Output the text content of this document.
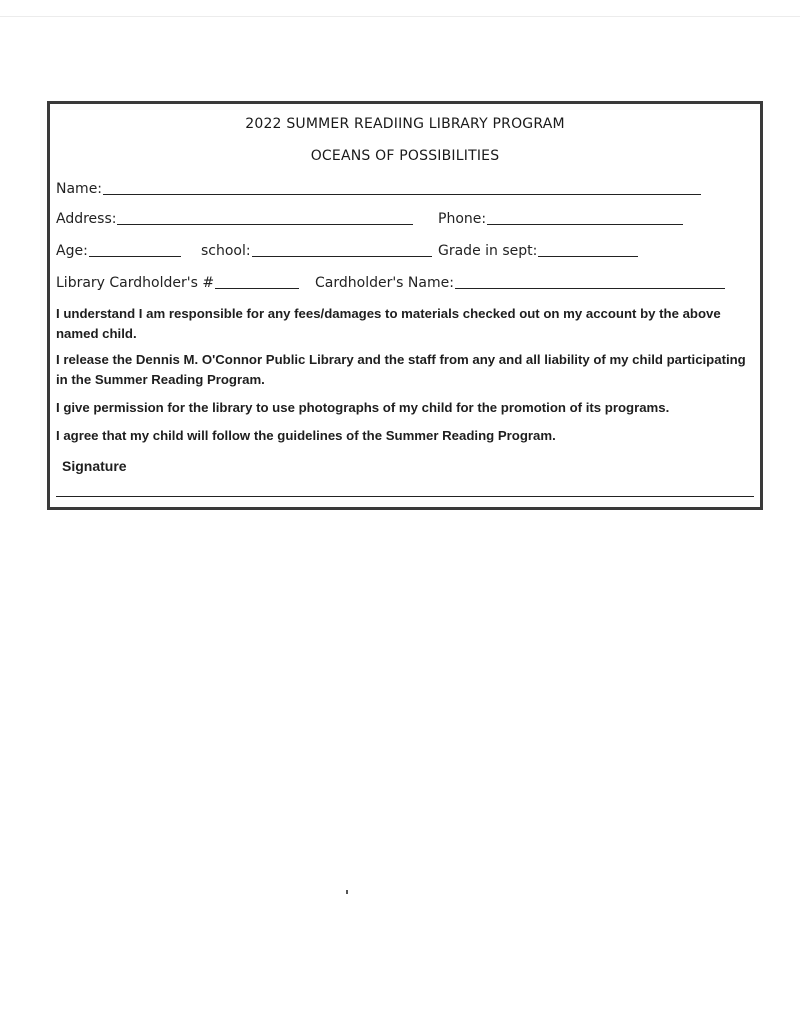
2022 SUMMER READIING LIBRARY PROGRAM
OCEANS OF POSSIBILITIES
Name:
Address:	Phone:
Age:	school:	Grade in sept:
Library Cardholder's #	Cardholder's Name:
I understand I am responsible for any fees/damages to materials checked out on my account by the above named child.
I release the Dennis M. O'Connor Public Library and the staff from any and all liability of my child participating in the Summer Reading Program.
I give permission for the library to use photographs of my child for the promotion of its programs.
I agree that my child will follow the guidelines of the Summer Reading Program.
Signature
